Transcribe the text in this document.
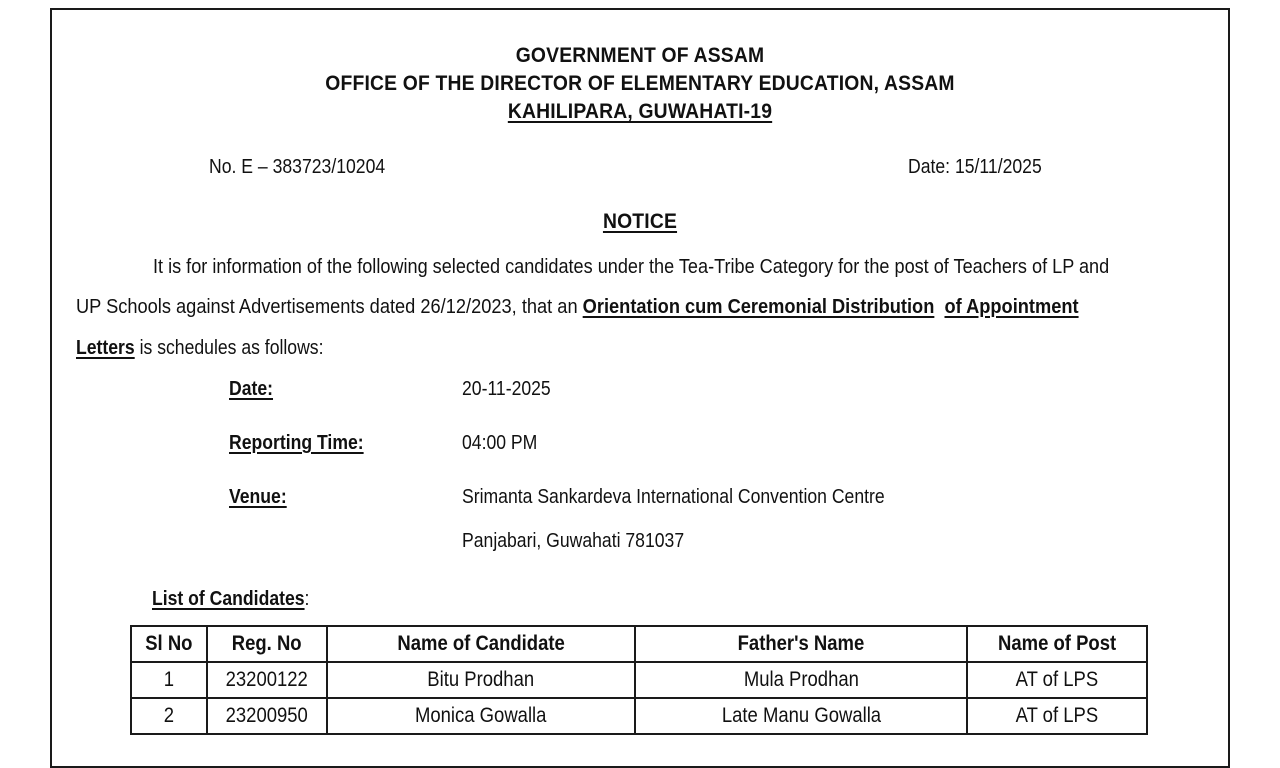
GOVERNMENT OF ASSAM
OFFICE OF THE DIRECTOR OF ELEMENTARY EDUCATION, ASSAM
KAHILIPARA, GUWAHATI-19
No. E – 383723/10204	Date: 15/11/2025
NOTICE
It is for information of the following selected candidates under the Tea-Tribe Category for the post of Teachers of LP and
UP Schools against Advertisements dated 26/12/2023, that an Orientation cum Ceremonial Distribution of Appointment
Letters is schedules as follows:
Date:	20-11-2025
Reporting Time:	04:00 PM
Venue:	Srimanta Sankardeva International Convention Centre
Panjabari, Guwahati 781037
List of Candidates:
Sl No	Reg. No	Name of Candidate	Father's Name	Name of Post
1	23200122	Bitu Prodhan	Mula Prodhan	AT of LPS
2	23200950	Monica Gowalla	Late Manu Gowalla	AT of LPS
